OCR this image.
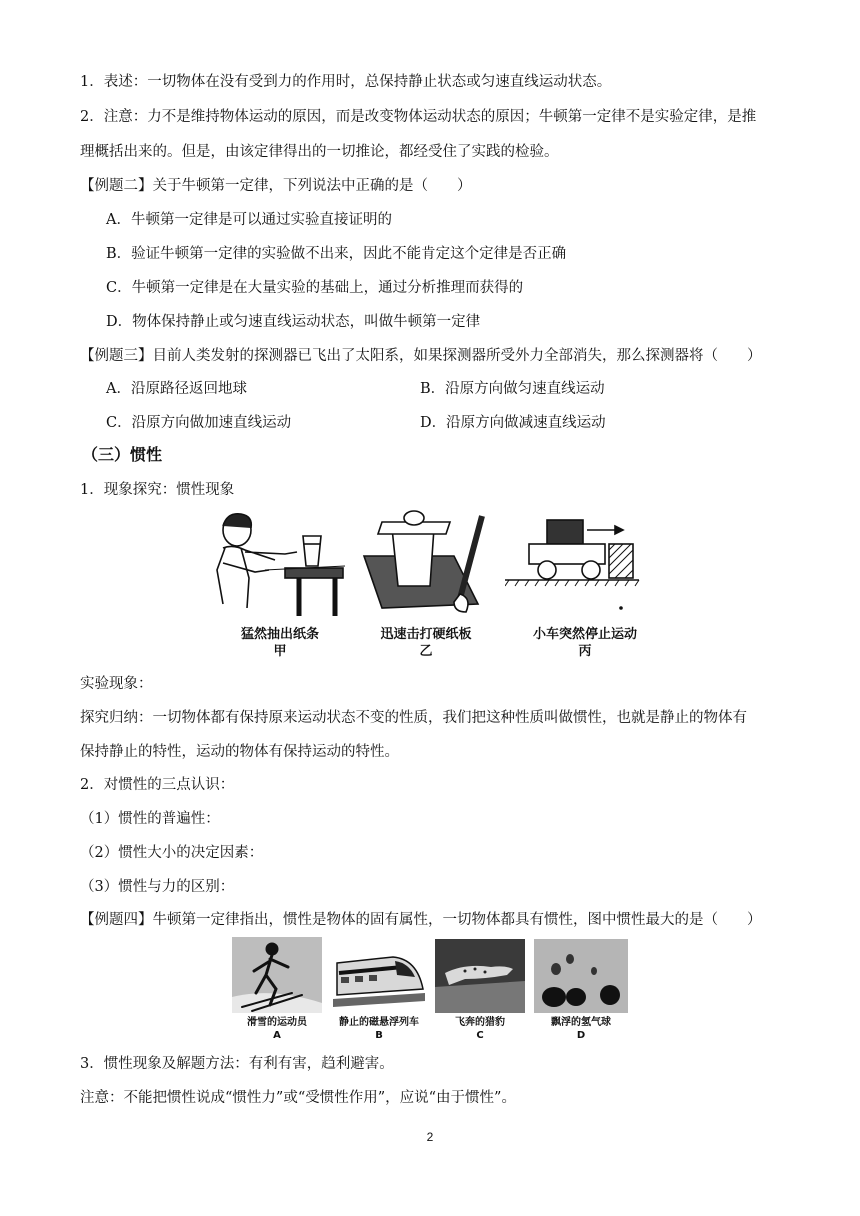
1．表述：一切物体在没有受到力的作用时，总保持静止状态或匀速直线运动状态。
2．注意：力不是维持物体运动的原因，而是改变物体运动状态的原因；牛顿第一定律不是实验定律，是推
理概括出来的。但是，由该定律得出的一切推论，都经受住了实践的检验。
【例题二】关于牛顿第一定律，下列说法中正确的是（　　）
A．牛顿第一定律是可以通过实验直接证明的
B．验证牛顿第一定律的实验做不出来，因此不能肯定这个定律是否正确
C．牛顿第一定律是在大量实验的基础上，通过分析推理而获得的
D．物体保持静止或匀速直线运动状态，叫做牛顿第一定律
【例题三】目前人类发射的探测器已飞出了太阳系，如果探测器所受外力全部消失，那么探测器将（　　）
A．沿原路径返回地球	B．沿原方向做匀速直线运动
C．沿原方向做加速直线运动	D．沿原方向做减速直线运动
（三）惯性
1．现象探究：惯性现象
猛然抽出纸条
甲
迅速击打硬纸板
乙
小车突然停止运动
丙
实验现象：
探究归纳：一切物体都有保持原来运动状态不变的性质，我们把这种性质叫做惯性，也就是静止的物体有
保持静止的特性，运动的物体有保持运动的特性。
2．对惯性的三点认识：
（1）惯性的普遍性：
（2）惯性大小的决定因素：
（3）惯性与力的区别：
【例题四】牛顿第一定律指出，惯性是物体的固有属性，一切物体都具有惯性，图中惯性最大的是（　　）
滑雪的运动员
A
静止的磁悬浮列车
B
飞奔的猎豹
C
飘浮的氢气球
D
3．惯性现象及解题方法：有利有害，趋利避害。
注意：不能把惯性说成“惯性力”或“受惯性作用”，应说“由于惯性”。
2
